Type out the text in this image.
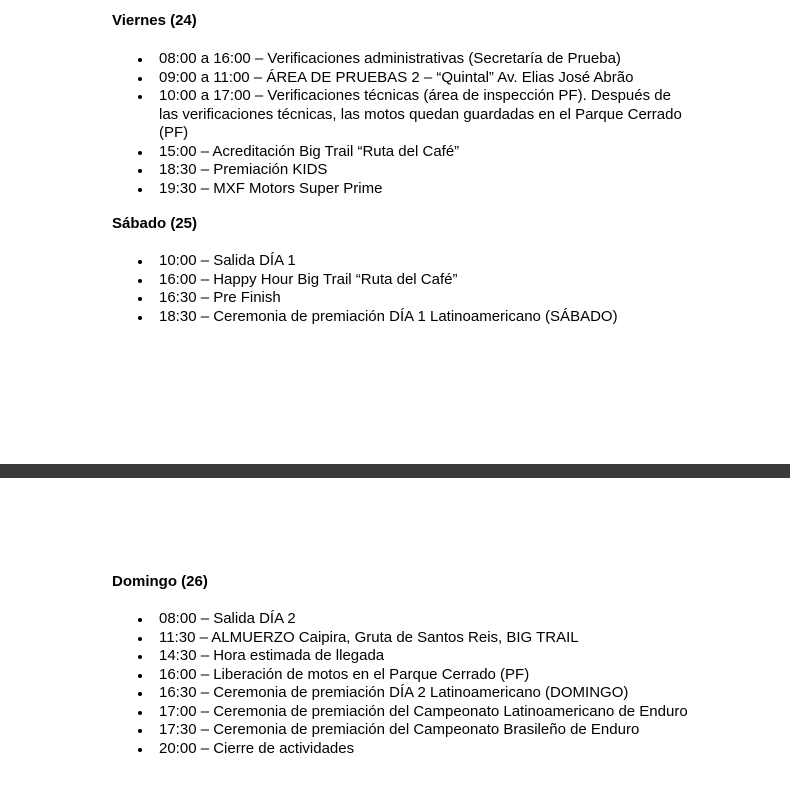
Viernes (24)
08:00 a 16:00 – Verificaciones administrativas (Secretaría de Prueba)
09:00 a 11:00 – ÁREA DE PRUEBAS 2 – “Quintal” Av. Elias José Abrão
10:00 a 17:00 – Verificaciones técnicas (área de inspección PF). Después de las verificaciones técnicas, las motos quedan guardadas en el Parque Cerrado (PF)
15:00 – Acreditación Big Trail “Ruta del Café”
18:30 – Premiación KIDS
19:30 – MXF Motors Super Prime
Sábado (25)
10:00 – Salida DÍA 1
16:00 – Happy Hour Big Trail “Ruta del Café”
16:30 – Pre Finish
18:30 – Ceremonia de premiación DÍA 1 Latinoamericano (SÁBADO)
Domingo (26)
08:00 – Salida DÍA 2
11:30 – ALMUERZO Caipira, Gruta de Santos Reis, BIG TRAIL
14:30 – Hora estimada de llegada
16:00 – Liberación de motos en el Parque Cerrado (PF)
16:30 – Ceremonia de premiación DÍA 2 Latinoamericano (DOMINGO)
17:00 – Ceremonia de premiación del Campeonato Latinoamericano de Enduro
17:30 – Ceremonia de premiación del Campeonato Brasileño de Enduro
20:00 – Cierre de actividades
